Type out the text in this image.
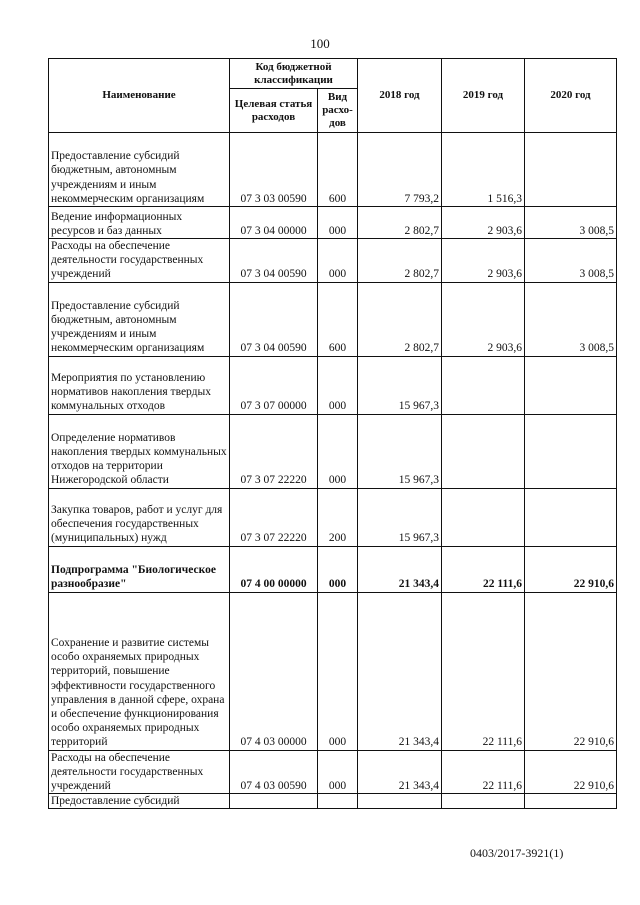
100
Наименование	Код бюджетной классификации		2018 год	2019 год	2020 год
	Целевая статья расходов	Вид расхо-дов			
Предоставление субсидий бюджетным, автономным учреждениям и иным некоммерческим организациям	07 3 03 00590	600	7 793,2	1 516,3	
Ведение информационных ресурсов и баз данных	07 3 04 00000	000	2 802,7	2 903,6	3 008,5
Расходы на обеспечение деятельности государственных учреждений	07 3 04 00590	000	2 802,7	2 903,6	3 008,5
Предоставление субсидий бюджетным, автономным учреждениям и иным некоммерческим организациям	07 3 04 00590	600	2 802,7	2 903,6	3 008,5
Мероприятия по установлению нормативов накопления твердых коммунальных отходов	07 3 07 00000	000	15 967,3		
Определение нормативов накопления твердых коммунальных отходов на территории Нижегородской области	07 3 07 22220	000	15 967,3		
Закупка товаров, работ и услуг для обеспечения государственных (муниципальных) нужд	07 3 07 22220	200	15 967,3		
Подпрограмма "Биологическое разнообразие"	07 4 00 00000	000	21 343,4	22 111,6	22 910,6
Сохранение и развитие системы особо охраняемых природных территорий, повышение эффективности государственного управления в данной сфере, охрана и обеспечение функционирования особо охраняемых природных территорий	07 4 03 00000	000	21 343,4	22 111,6	22 910,6
Расходы на обеспечение деятельности государственных учреждений	07 4 03 00590	000	21 343,4	22 111,6	22 910,6
Предоставление субсидий					
0403/2017-3921(1)
